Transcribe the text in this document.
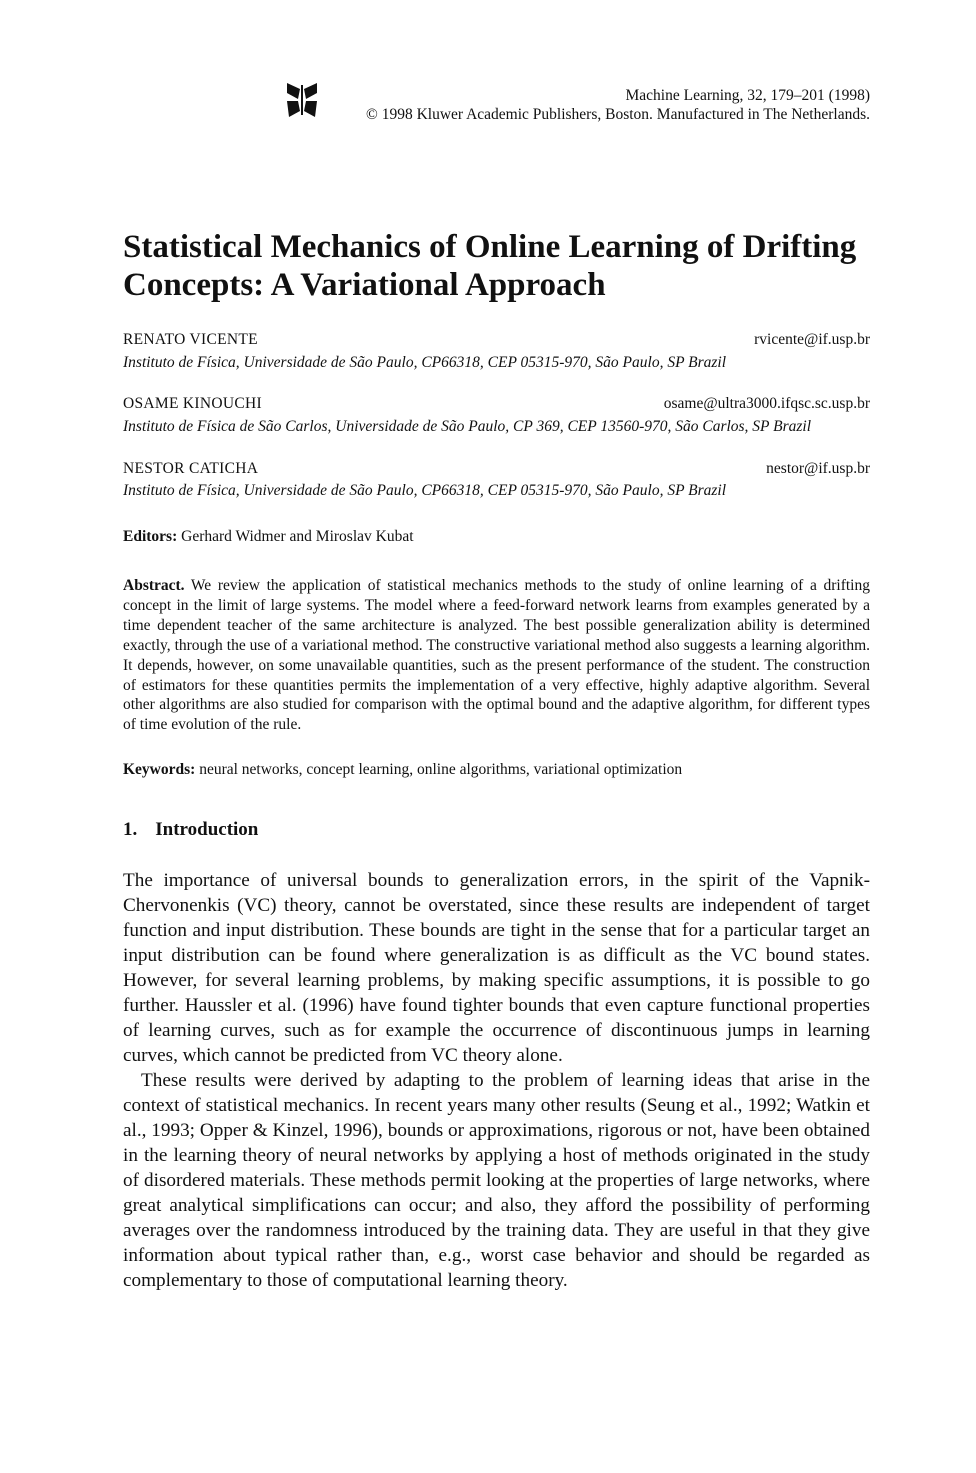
Machine Learning, 32, 179–201 (1998)
© 1998 Kluwer Academic Publishers, Boston. Manufactured in The Netherlands.
Statistical Mechanics of Online Learning of Drifting
Concepts: A Variational Approach
RENATO VICENTE	rvicente@if.usp.br
Instituto de Física, Universidade de São Paulo, CP66318, CEP 05315-970, São Paulo, SP Brazil
OSAME KINOUCHI	osame@ultra3000.ifqsc.sc.usp.br
Instituto de Física de São Carlos, Universidade de São Paulo, CP 369, CEP 13560-970, São Carlos, SP Brazil
NESTOR CATICHA	nestor@if.usp.br
Instituto de Física, Universidade de São Paulo, CP66318, CEP 05315-970, São Paulo, SP Brazil
Editors: Gerhard Widmer and Miroslav Kubat

Abstract. We review the application of statistical mechanics methods to the study of online learning of a drifting concept in the limit of large systems. The model where a feed-forward network learns from examples generated by a time dependent teacher of the same architecture is analyzed. The best possible generalization ability is determined exactly, through the use of a variational method. The constructive variational method also suggests a learning algorithm. It depends, however, on some unavailable quantities, such as the present performance of the student. The construction of estimators for these quantities permits the implementation of a very effective, highly adaptive algorithm. Several other algorithms are also studied for comparison with the optimal bound and the adaptive algorithm, for different types of time evolution of the rule.

Keywords: neural networks, concept learning, online algorithms, variational optimization
1. Introduction

The importance of universal bounds to generalization errors, in the spirit of the Vapnik-Chervonenkis (VC) theory, cannot be overstated, since these results are independent of target function and input distribution. These bounds are tight in the sense that for a particular target an input distribution can be found where generalization is as difficult as the VC bound states. However, for several learning problems, by making specific assumptions, it is possible to go further. Haussler et al. (1996) have found tighter bounds that even capture functional properties of learning curves, such as for example the occurrence of discontinuous jumps in learning curves, which cannot be predicted from VC theory alone.

These results were derived by adapting to the problem of learning ideas that arise in the context of statistical mechanics. In recent years many other results (Seung et al., 1992; Watkin et al., 1993; Opper & Kinzel, 1996), bounds or approximations, rigorous or not, have been obtained in the learning theory of neural networks by applying a host of methods originated in the study of disordered materials. These methods permit looking at the properties of large networks, where great analytical simplifications can occur; and also, they afford the possibility of performing averages over the randomness introduced by the training data. They are useful in that they give information about typical rather than, e.g., worst case behavior and should be regarded as complementary to those of computational learning theory.
